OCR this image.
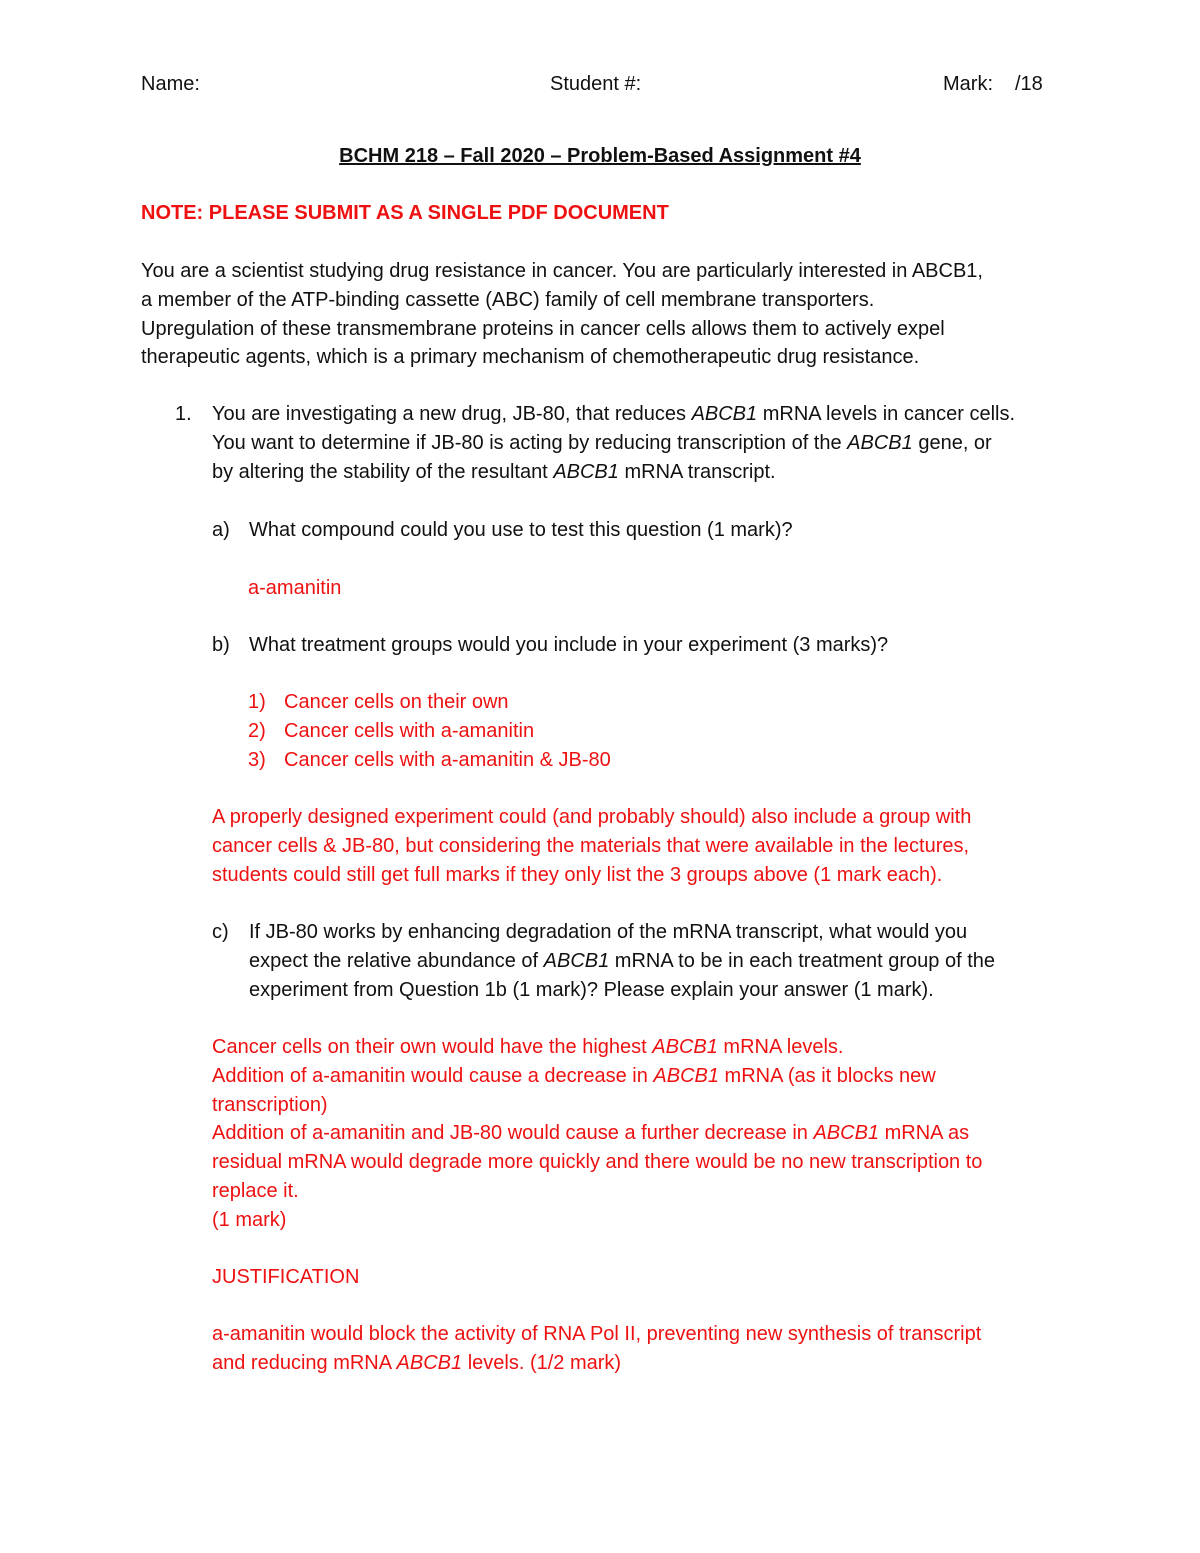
Name:	Student #:	Mark: /18
BCHM 218 – Fall 2020 – Problem-Based Assignment #4
NOTE: PLEASE SUBMIT AS A SINGLE PDF DOCUMENT
You are a scientist studying drug resistance in cancer. You are particularly interested in ABCB1,
a member of the ATP-binding cassette (ABC) family of cell membrane transporters.
Upregulation of these transmembrane proteins in cancer cells allows them to actively expel
therapeutic agents, which is a primary mechanism of chemotherapeutic drug resistance.
1. You are investigating a new drug, JB-80, that reduces ABCB1 mRNA levels in cancer cells.
You want to determine if JB-80 is acting by reducing transcription of the ABCB1 gene, or
by altering the stability of the resultant ABCB1 mRNA transcript.
a) What compound could you use to test this question (1 mark)?
a-amanitin
b) What treatment groups would you include in your experiment (3 marks)?
1) Cancer cells on their own
2) Cancer cells with a-amanitin
3) Cancer cells with a-amanitin & JB-80
A properly designed experiment could (and probably should) also include a group with
cancer cells & JB-80, but considering the materials that were available in the lectures,
students could still get full marks if they only list the 3 groups above (1 mark each).
c) If JB-80 works by enhancing degradation of the mRNA transcript, what would you
expect the relative abundance of ABCB1 mRNA to be in each treatment group of the
experiment from Question 1b (1 mark)? Please explain your answer (1 mark).
Cancer cells on their own would have the highest ABCB1 mRNA levels.
Addition of a-amanitin would cause a decrease in ABCB1 mRNA (as it blocks new
transcription)
Addition of a-amanitin and JB-80 would cause a further decrease in ABCB1 mRNA as
residual mRNA would degrade more quickly and there would be no new transcription to
replace it.
(1 mark)
JUSTIFICATION
a-amanitin would block the activity of RNA Pol II, preventing new synthesis of transcript
and reducing mRNA ABCB1 levels. (1/2 mark)
